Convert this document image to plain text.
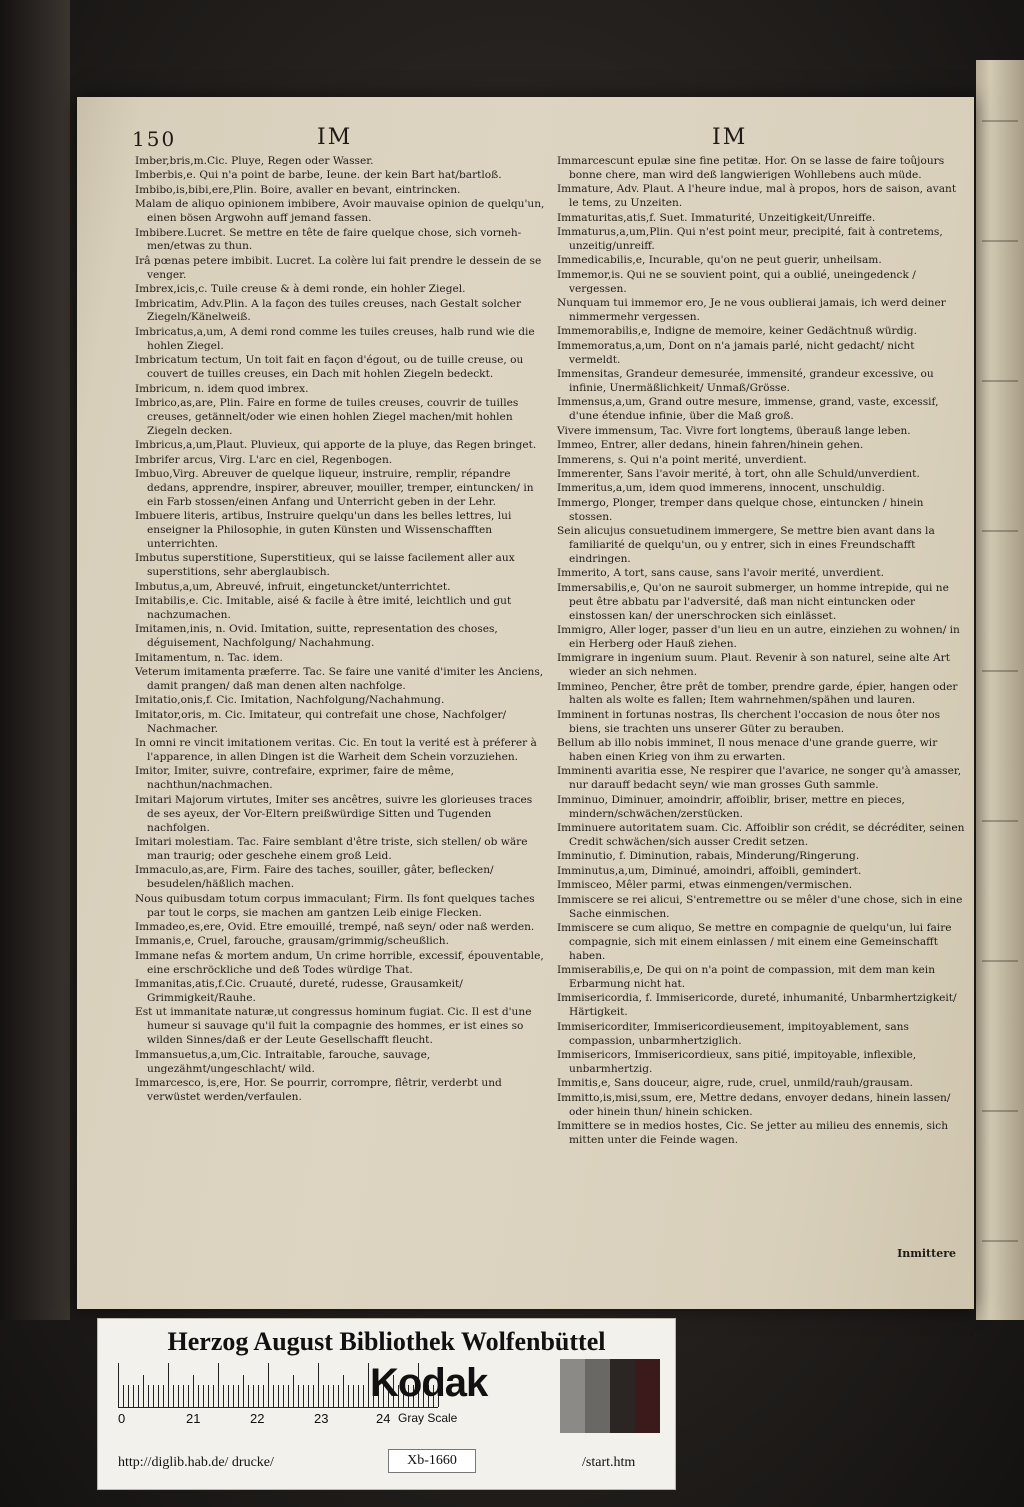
150	IM	IM
Imber,bris,m.Cic. Pluye, Regen oder Wasser.
Imberbis,e. Qui n'a point de barbe, Ieune. der kein Bart hat/bartloß.
Imbibo,is,bibi,ere,Plin. Boire, avaller en bevant, eintrincken.
Malam de aliquo opinionem imbibere, Avoir mauvaise opinion de quelqu'un, einen bösen Argwohn auff jemand fassen.
Imbibere.Lucret. Se mettre en tête de faire quelque chose, sich vorneh-men/etwas zu thun.
Irâ pœnas petere imbibit. Lucret. La colère lui fait prendre le dessein de se venger.
Imbrex,icis,c. Tuile creuse & à demi ronde, ein hohler Ziegel.
Imbricatim, Adv.Plin. A la façon des tuiles creuses, nach Gestalt solcher Ziegeln/Känelweiß.
Imbricatus,a,um, A demi rond comme les tuiles creuses, halb rund wie die hohlen Ziegel.
Imbricatum tectum, Un toit fait en façon d'égout, ou de tuille creuse, ou couvert de tuilles creuses, ein Dach mit hohlen Ziegeln bedeckt.
Imbricum, n. idem quod imbrex.
Imbrico,as,are, Plin. Faire en forme de tuiles creuses, couvrir de tuilles creuses, getännelt/oder wie einen hohlen Ziegel machen/mit hohlen Ziegeln decken.
Imbricus,a,um,Plaut. Pluvieux, qui apporte de la pluye, das Regen bringet.
Imbrifer arcus, Virg. L'arc en ciel, Regenbogen.
Imbuo,Virg. Abreuver de quelque liqueur, instruire, remplir, répandre dedans, apprendre, inspirer, abreuver, mouiller, tremper, eintuncken/ in ein Farb stossen/einen Anfang und Unterricht geben in der Lehr.
Imbuere literis, artibus, Instruire quelqu'un dans les belles lettres, lui enseigner la Philosophie, in guten Künsten und Wissenschafften unterrichten.
Imbutus superstitione, Superstitieux, qui se laisse facilement aller aux superstitions, sehr aberglaubisch.
Imbutus,a,um, Abreuvé, infruit, eingetuncket/unterrichtet.
Imitabilis,e. Cic. Imitable, aisé & facile à être imité, leichtlich und gut nachzumachen.
Imitamen,inis, n. Ovid. Imitation, suitte, representation des choses, déguisement, Nachfolgung/ Nachahmung.
Imitamentum, n. Tac. idem.
Veterum imitamenta præferre. Tac. Se faire une vanité d'imiter les Anciens, damit prangen/ daß man denen alten nachfolge.
Imitatio,onis,f. Cic. Imitation, Nachfolgung/Nachahmung.
Imitator,oris, m. Cic. Imitateur, qui contrefait une chose, Nachfolger/ Nachmacher.
In omni re vincit imitationem veritas. Cic. En tout la verité est à préferer à l'apparence, in allen Dingen ist die Warheit dem Schein vorzuziehen.
Imitor, Imiter, suivre, contrefaire, exprimer, faire de même, nachthun/nachmachen.
Imitari Majorum virtutes, Imiter ses ancêtres, suivre les glorieuses traces de ses ayeux, der Vor-Eltern preißwürdige Sitten und Tugenden nachfolgen.
Imitari molestiam. Tac. Faire semblant d'être triste, sich stellen/ ob wäre man traurig; oder geschehe einem groß Leid.
Immaculo,as,are, Firm. Faire des taches, souiller, gâter, beflecken/ besudelen/häßlich machen.
Nous quibusdam totum corpus immaculant; Firm. Ils font quelques taches par tout le corps, sie machen am gantzen Leib einige Flecken.
Immadeo,es,ere, Ovid. Etre emouillé, trempé, naß seyn/ oder naß werden.
Immanis,e, Cruel, farouche, grausam/grimmig/scheußlich.
Immane nefas & mortem andum, Un crime horrible, excessif, épouventable, eine erschröckliche und deß Todes würdige That.
Immanitas,atis,f.Cic. Cruauté, dureté, rudesse, Grausamkeit/ Grimmigkeit/Rauhe.
Est ut immanitate naturæ,ut congressus hominum fugiat. Cic. Il est d'une humeur si sauvage qu'il fuit la compagnie des hommes, er ist eines so wilden Sinnes/daß er der Leute Gesellschafft fleucht.
Immansuetus,a,um,Cic. Intraitable, farouche, sauvage, ungezähmt/ungeschlacht/ wild.
Immarcesco, is,ere, Hor. Se pourrir, corrompre, flêtrir, verderbt und verwüstet werden/verfaulen.
Immarcescunt epulæ sine fine petitæ. Hor. On se lasse de faire toûjours bonne chere, man wird deß langwierigen Wohllebens auch müde.
Immature, Adv. Plaut. A l'heure indue, mal à propos, hors de saison, avant le tems, zu Unzeiten.
Immaturitas,atis,f. Suet. Immaturité, Unzeitigkeit/Unreiffe.
Immaturus,a,um,Plin. Qui n'est point meur, precipité, fait à contretems, unzeitig/unreiff.
Immedicabilis,e, Incurable, qu'on ne peut guerir, unheilsam.
Immemor,is. Qui ne se souvient point, qui a oublié, uneingedenck / vergessen.
Nunquam tui immemor ero, Je ne vous oublierai jamais, ich werd deiner nimmermehr vergessen.
Immemorabilis,e, Indigne de memoire, keiner Gedächtnuß würdig.
Immemoratus,a,um, Dont on n'a jamais parlé, nicht gedacht/ nicht vermeldt.
Immensitas, Grandeur demesurée, immensité, grandeur excessive, ou infinie, Unermäßlichkeit/ Unmaß/Grösse.
Immensus,a,um, Grand outre mesure, immense, grand, vaste, excessif, d'une étendue infinie, über die Maß groß.
Vivere immensum, Tac. Vivre fort longtems, überauß lange leben.
Immeo, Entrer, aller dedans, hinein fahren/hinein gehen.
Immerens, s. Qui n'a point merité, unverdient.
Immerenter, Sans l'avoir merité, à tort, ohn alle Schuld/unverdient.
Immeritus,a,um, idem quod immerens, innocent, unschuldig.
Immergo, Plonger, tremper dans quelque chose, eintuncken / hinein stossen.
Sein alicujus consuetudinem immergere, Se mettre bien avant dans la familiarité de quelqu'un, ou y entrer, sich in eines Freundschafft eindringen.
Immerito, A tort, sans cause, sans l'avoir merité, unverdient.
Immersabilis,e, Qu'on ne sauroit submerger, un homme intrepide, qui ne peut être abbatu par l'adversité, daß man nicht eintuncken oder einstossen kan/ der unerschrocken sich einlässet.
Immigro, Aller loger, passer d'un lieu en un autre, einziehen zu wohnen/ in ein Herberg oder Hauß ziehen.
Immigrare in ingenium suum. Plaut. Revenir à son naturel, seine alte Art wieder an sich nehmen.
Immineo, Pencher, être prêt de tomber, prendre garde, épier, hangen oder halten als wolte es fallen; Item wahrnehmen/spähen und lauren.
Imminent in fortunas nostras, Ils cherchent l'occasion de nous ôter nos biens, sie trachten uns unserer Güter zu berauben.
Bellum ab illo nobis imminet, Il nous menace d'une grande guerre, wir haben einen Krieg von ihm zu erwarten.
Imminenti avaritia esse, Ne respirer que l'avarice, ne songer qu'à amasser, nur darauff bedacht seyn/ wie man grosses Guth sammle.
Imminuo, Diminuer, amoindrir, affoiblir, briser, mettre en pieces, mindern/schwächen/zerstücken.
Imminuere autoritatem suam. Cic. Affoiblir son crédit, se décréditer, seinen Credit schwächen/sich ausser Credit setzen.
Imminutio, f. Diminution, rabais, Minderung/Ringerung.
Imminutus,a,um, Diminué, amoindri, affoibli, gemindert.
Immisceo, Mêler parmi, etwas einmengen/vermischen.
Immiscere se rei alicui, S'entremettre ou se mêler d'une chose, sich in eine Sache einmischen.
Immiscere se cum aliquo, Se mettre en compagnie de quelqu'un, lui faire compagnie, sich mit einem einlassen / mit einem eine Gemeinschafft haben.
Immiserabilis,e, De qui on n'a point de compassion, mit dem man kein Erbarmung nicht hat.
Immisericordia, f. Immisericorde, dureté, inhumanité, Unbarmhertzigkeit/ Härtigkeit.
Immisericorditer, Immisericordieusement, impitoyablement, sans compassion, unbarmhertziglich.
Immisericors, Immisericordieux, sans pitié, impitoyable, inflexible, unbarmhertzig.
Immitis,e, Sans douceur, aigre, rude, cruel, unmild/rauh/grausam.
Immitto,is,misi,ssum, ere, Mettre dedans, envoyer dedans, hinein lassen/ oder hinein thun/ hinein schicken.
Immittere se in medios hostes, Cic. Se jetter au milieu des ennemis, sich mitten unter die Feinde wagen.
Inmittere
Herzog August Bibliothek Wolfenbüttel
0	21	22	23	24
Kodak
Gray Scale
http://diglib.hab.de/ drucke/	Xb-1660	/start.htm
